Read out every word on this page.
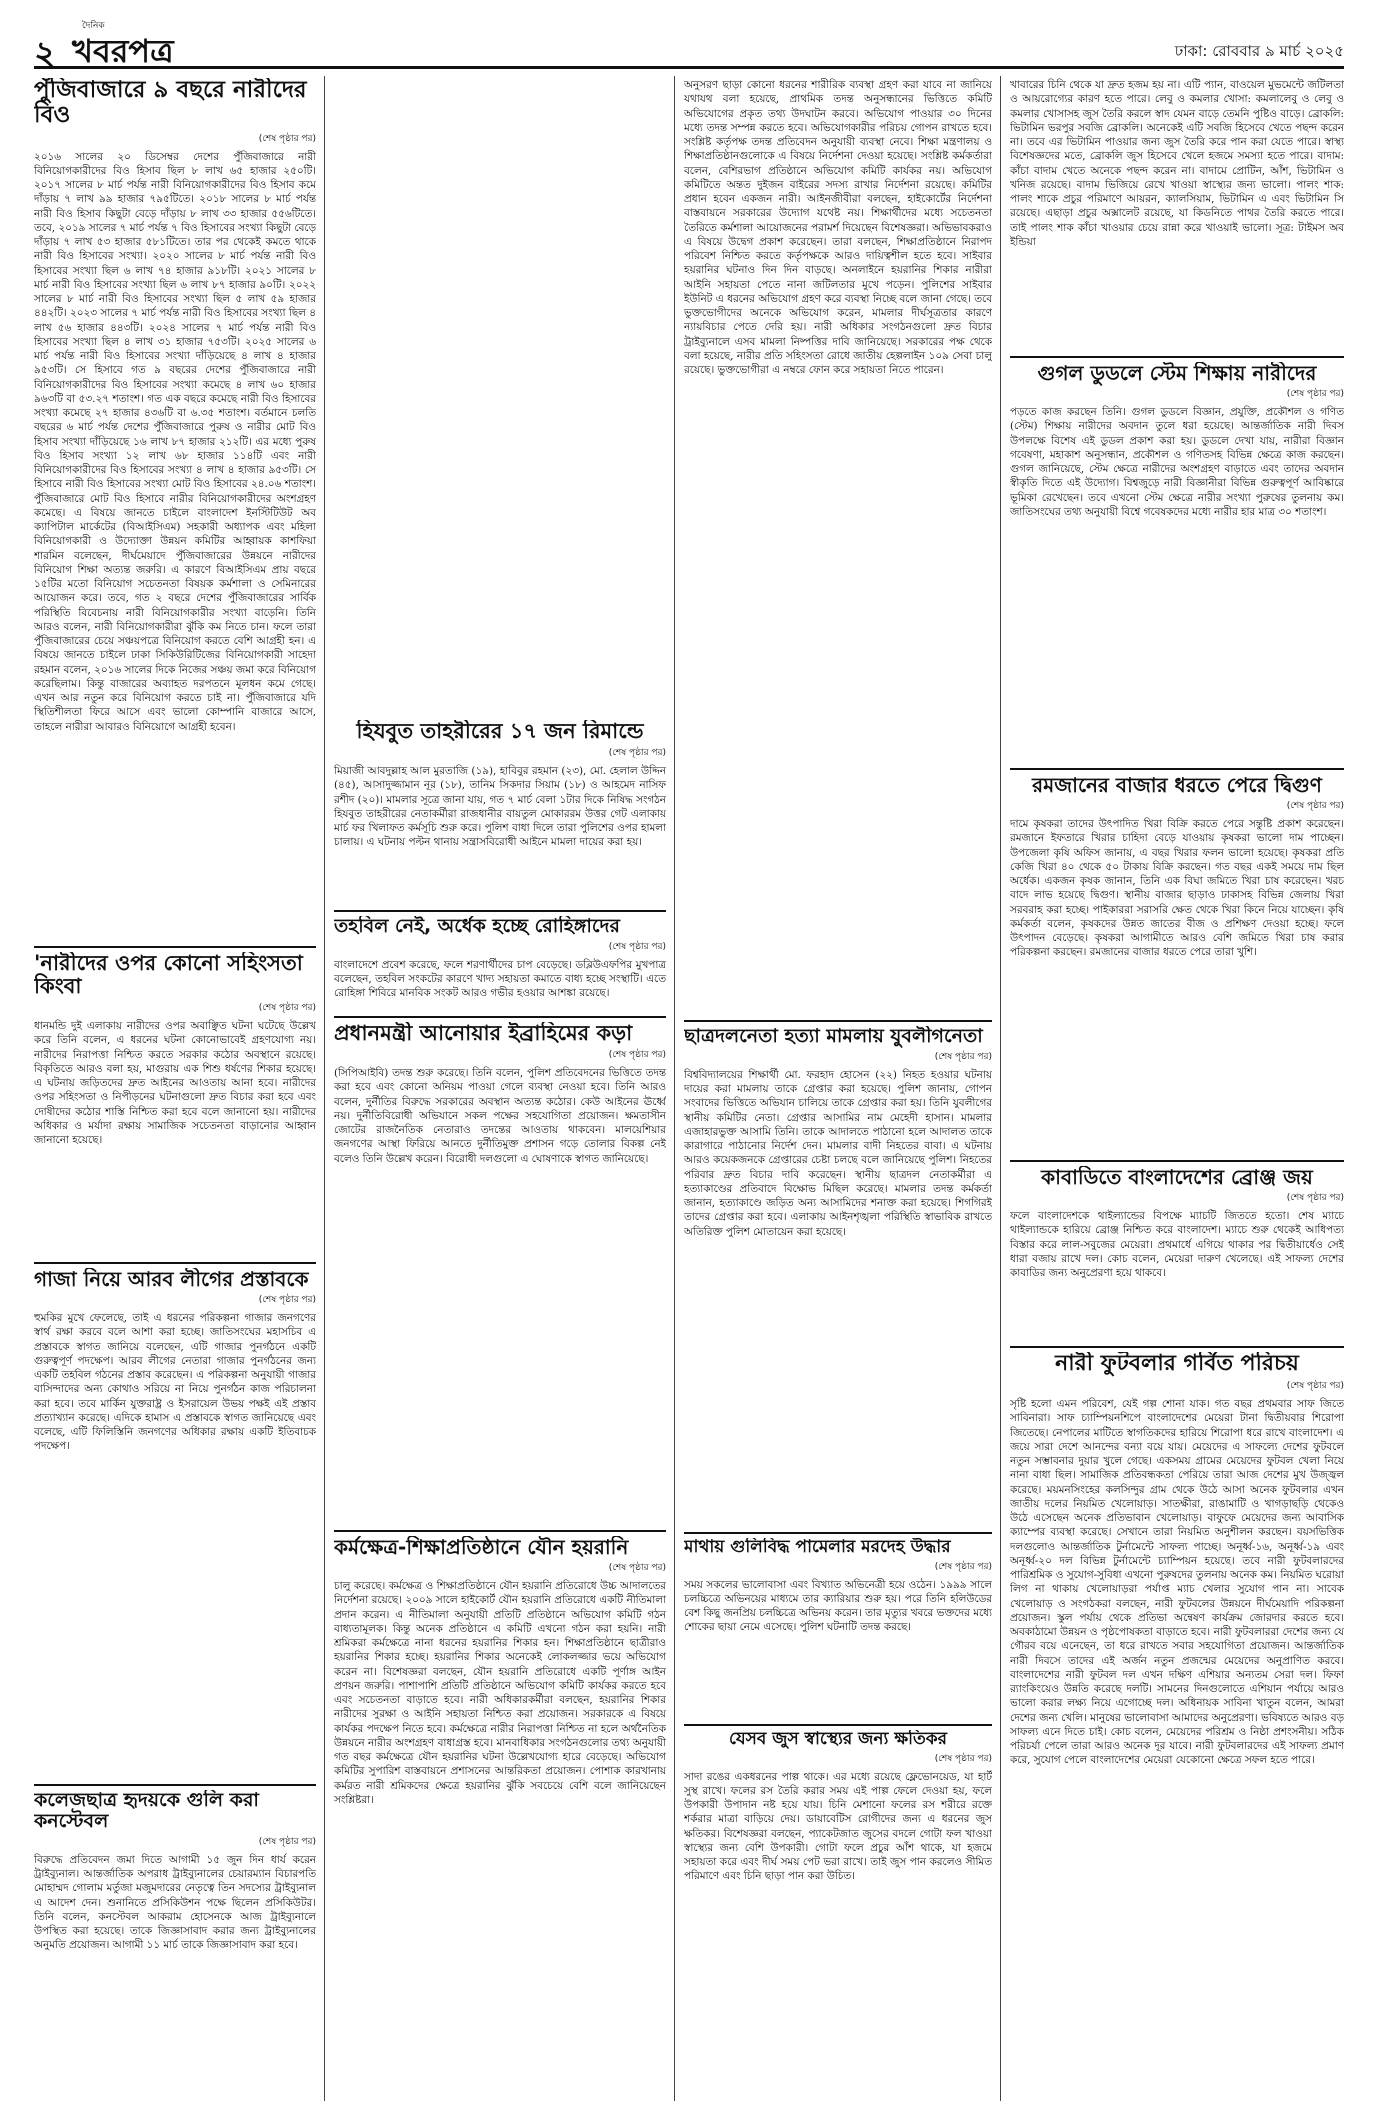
২
দৈনিক
খবরপত্র	ঢাকা: রোববার ৯ মার্চ ২০২৫
পুঁজিবাজারে ৯ বছরে নারীদের বিও
(শেষ পৃষ্ঠার পর)
২০১৬ সালের ২০ ডিসেম্বর দেশের পুঁজিবাজারে নারী বিনিয়োগকারীদের বিও হিসাব ছিল ৮ লাখ ৬৫ হাজার ২৫০টি। ২০১৭ সালের ৮ মার্চ পর্যন্ত নারী বিনিয়োগকারীদের বিও হিসাব কমে দাঁড়ায় ৭ লাখ ৯৯ হাজার ৭৯৫টিতে। ২০১৮ সালের ৮ মার্চ পর্যন্ত নারী বিও হিসাব কিছুটা বেড়ে দাঁড়ায় ৮ লাখ ৩৩ হাজার ৫৫৬টিতে। তবে, ২০১৯ সালের ৭ মার্চ পর্যন্ত ৭ বিও হিসাবের সংখ্যা কিছুটা বেড়ে দাঁড়ায় ৭ লাখ ৫৩ হাজার ৫৮১টিতে। তার পর থেকেই কমতে থাকে নারী বিও হিসাবের সংখ্যা। ২০২০ সালের ৮ মার্চ পর্যন্ত নারী বিও হিসাবের সংখ্যা ছিল ৬ লাখ ৭৪ হাজার ৯১৮টি। ২০২১ সালের ৮ মার্চ নারী বিও হিসাবের সংখ্যা ছিল ৬ লাখ ৮৭ হাজার ৯০টি। ২০২২ সালের ৮ মার্চ নারী বিও হিসাবের সংখ্যা ছিল ৫ লাখ ৫৯ হাজার ৪৪২টি। ২০২৩ সালের ৭ মার্চ পর্যন্ত নারী বিও হিসাবের সংখ্যা ছিল ৪ লাখ ৫৬ হাজার ৪৪৩টি। ২০২৪ সালের ৭ মার্চ পর্যন্ত নারী বিও হিসাবের সংখ্যা ছিল ৪ লাখ ৩১ হাজার ৭৫৩টি। ২০২৫ সালের ৬ মার্চ পর্যন্ত নারী বিও হিসাবের সংখ্যা দাঁড়িয়েছে ৪ লাখ ৪ হাজার ৯৫৩টি। সে হিসাবে গত ৯ বছরের দেশের পুঁজিবাজারে নারী বিনিয়োগকারীদের বিও হিসাবের সংখ্যা কমেছে ৪ লাখ ৬০ হাজার ৯৬৩টি বা ৫৩.২৭ শতাংশ। গত এক বছরে কমেছে নারী বিও হিসাবের সংখ্যা কমেছে ২৭ হাজার ৪৩৬টি বা ৬.৩৫ শতাংশ। বর্তমানে চলতি বছরের ৬ মার্চ পর্যন্ত দেশের পুঁজিবাজারে পুরুষ ও নারীর মোট বিও হিসাব সংখ্যা দাঁড়িয়েছে ১৬ লাখ ৮৭ হাজার ২১২টি। এর মধ্যে পুরুষ বিও হিসাব সংখ্যা ১২ লাখ ৬৮ হাজার ১১৪টি এবং নারী বিনিয়োগকারীদের বিও হিসাবের সংখ্যা ৪ লাখ ৪ হাজার ৯৫৩টি। সে হিসাবে নারী বিও হিসাবের সংখ্যা মোট বিও হিসাবের ২৪.০৬ শতাংশ। পুঁজিবাজারে মোট বিও হিসাবে নারীর বিনিয়োগকারীদের অংশগ্রহণ কমেছে। এ বিষয়ে জানতে চাইলে বাংলাদেশ ইনস্টিটিউট অব ক্যাপিটাল মার্কেটের (বিআইসিএম) সহকারী অধ্যাপক এবং মহিলা বিনিয়োগকারী ও উদ্যোক্তা উন্নয়ন কমিটির আহ্বায়ক কাশফিয়া শারমিন বলেছেন, দীর্ঘমেয়াদে পুঁজিবাজারের উন্নয়নে নারীদের বিনিয়োগ শিক্ষা অত্যন্ত জরুরি। এ কারণে বিআইসিএম প্রায় বছরে ১৫টির মতো বিনিয়োগ সচেতনতা বিষয়ক কর্মশালা ও সেমিনারের আয়োজন করে। তবে, গত ২ বছরে দেশের পুঁজিবাজারের সার্বিক পরিস্থিতি বিবেচনায় নারী বিনিয়োগকারীর সংখ্যা বাড়েনি। তিনি আরও বলেন, নারী বিনিয়োগকারীরা ঝুঁকি কম নিতে চান। ফলে তারা পুঁজিবাজারের চেয়ে সঞ্চয়পত্রে বিনিয়োগ করতে বেশি আগ্রহী হন। এ বিষয়ে জানতে চাইলে ঢাকা সিকিউরিটিজের বিনিয়োগকারী সাহেদা রহমান বলেন, ২০১৬ সালের দিকে নিজের সঞ্চয় জমা করে বিনিয়োগ করেছিলাম। কিন্তু বাজারের অব্যাহত দরপতনে মূলধন কমে গেছে। এখন আর নতুন করে বিনিয়োগ করতে চাই না। পুঁজিবাজারে যদি স্থিতিশীলতা ফিরে আসে এবং ভালো কোম্পানি বাজারে আসে, তাহলে নারীরা আবারও বিনিয়োগে আগ্রহী হবেন।
'নারীদের ওপর কোনো সহিংসতা কিংবা
(শেষ পৃষ্ঠার পর)
ধানমন্ডি দুই এলাকায় নারীদের ওপর অবাঞ্ছিত ঘটনা ঘটেছে উল্লেখ করে তিনি বলেন, এ ধরনের ঘটনা কোনোভাবেই গ্রহণযোগ্য নয়। নারীদের নিরাপত্তা নিশ্চিত করতে সরকার কঠোর অবস্থানে রয়েছে। বিকৃতিতে আরও বলা হয়, মাগুরায় এক শিশু ধর্ষণের শিকার হয়েছে। এ ঘটনায় জড়িতদের দ্রুত আইনের আওতায় আনা হবে। নারীদের ওপর সহিংসতা ও নিপীড়নের ঘটনাগুলো দ্রুত বিচার করা হবে এবং দোষীদের কঠোর শাস্তি নিশ্চিত করা হবে বলে জানানো হয়। নারীদের অধিকার ও মর্যাদা রক্ষায় সামাজিক সচেতনতা বাড়ানোর আহ্বান জানানো হয়েছে।
গাজা নিয়ে আরব লীগের প্রস্তাবকে
(শেষ পৃষ্ঠার পর)
হুমকির মুখে ফেলেছে, তাই এ ধরনের পরিকল্পনা গাজার জনগণের স্বার্থ রক্ষা করবে বলে আশা করা হচ্ছে। জাতিসংঘের মহাসচিব এ প্রস্তাবকে স্বাগত জানিয়ে বলেছেন, এটি গাজার পুনর্গঠনে একটি গুরুত্বপূর্ণ পদক্ষেপ। আরব লীগের নেতারা গাজার পুনর্গঠনের জন্য একটি তহবিল গঠনের প্রস্তাব করেছেন। এ পরিকল্পনা অনুযায়ী গাজার বাসিন্দাদের অন্য কোথাও সরিয়ে না নিয়ে পুনর্গঠন কাজ পরিচালনা করা হবে। তবে মার্কিন যুক্তরাষ্ট্র ও ইসরায়েল উভয় পক্ষই এই প্রস্তাব প্রত্যাখ্যান করেছে। এদিকে হামাস এ প্রস্তাবকে স্বাগত জানিয়েছে এবং বলেছে, এটি ফিলিস্তিনি জনগণের অধিকার রক্ষায় একটি ইতিবাচক পদক্ষেপ।
কলেজছাত্র হৃদয়কে গুলি করা কনস্টেবল
(শেষ পৃষ্ঠার পর)
বিরুদ্ধে প্রতিবেদন জমা দিতে আগামী ১৫ জুন দিন ধার্য করেন ট্রাইব্যুনাল। আন্তর্জাতিক অপরাধ ট্রাইব্যুনালের চেয়ারম্যান বিচারপতি মোহাম্মদ গোলাম মর্তুজা মজুমদারের নেতৃত্বে তিন সদস্যের ট্রাইব্যুনাল এ আদেশ দেন। শুনানিতে প্রসিকিউশন পক্ষে ছিলেন প্রসিকিউটর। তিনি বলেন, কনস্টেবল আকরাম হোসেনকে আজ ট্রাইব্যুনালে উপস্থিত করা হয়েছে। তাকে জিজ্ঞাসাবাদ করার জন্য ট্রাইব্যুনালের অনুমতি প্রয়োজন। আগামী ১১ মার্চ তাকে জিজ্ঞাসাবাদ করা হবে।
হিযবুত তাহরীরের ১৭ জন রিমান্ডে
(শেষ পৃষ্ঠার পর)
মিয়াজী আবদুল্লাহ আল মুরতাজি (১৯), হাবিবুর রহমান (২৩), মো. হেলাল উদ্দিন (৪৫), আসাদুজ্জামান নূর (১৮), তানিম সিকদার সিয়াম (১৮) ও আহমেদ নাসিফ রশীদ (২০)। মামলার সূত্রে জানা যায়, গত ৭ মার্চ বেলা ১টার দিকে নিষিদ্ধ সংগঠন হিযবুত তাহরীরের নেতাকর্মীরা রাজধানীর বায়তুল মোকাররম উত্তর গেট এলাকায় মার্চ ফর খিলাফত কর্মসূচি শুরু করে। পুলিশ বাধা দিলে তারা পুলিশের ওপর হামলা চালায়। এ ঘটনায় পল্টন থানায় সন্ত্রাসবিরোধী আইনে মামলা দায়ের করা হয়।
তহবিল নেই, অর্ধেক হচ্ছে রোহিঙ্গাদের
(শেষ পৃষ্ঠার পর)
বাংলাদেশে প্রবেশ করেছে, ফলে শরণার্থীদের চাপ বেড়েছে। ডব্লিউএফপির মুখপাত্র বলেছেন, তহবিল সংকটের কারণে খাদ্য সহায়তা কমাতে বাধ্য হচ্ছে সংস্থাটি। এতে রোহিঙ্গা শিবিরে মানবিক সংকট আরও গভীর হওয়ার আশঙ্কা রয়েছে।
প্রধানমন্ত্রী আনোয়ার ইব্রাহিমের কড়া
(শেষ পৃষ্ঠার পর)
(সিপিআইবি) তদন্ত শুরু করেছে। তিনি বলেন, পুলিশ প্রতিবেদনের ভিত্তিতে তদন্ত করা হবে এবং কোনো অনিয়ম পাওয়া গেলে ব্যবস্থা নেওয়া হবে। তিনি আরও বলেন, দুর্নীতির বিরুদ্ধে সরকারের অবস্থান অত্যন্ত কঠোর। কেউ আইনের ঊর্ধ্বে নয়। দুর্নীতিবিরোধী অভিযানে সকল পক্ষের সহযোগিতা প্রয়োজন। ক্ষমতাসীন জোটের রাজনৈতিক নেতারাও তদন্তের আওতায় থাকবেন। মালয়েশিয়ার জনগণের আস্থা ফিরিয়ে আনতে দুর্নীতিমুক্ত প্রশাসন গড়ে তোলার বিকল্প নেই বলেও তিনি উল্লেখ করেন। বিরোধী দলগুলো এ ঘোষণাকে স্বাগত জানিয়েছে।
কর্মক্ষেত্র-শিক্ষাপ্রতিষ্ঠানে যৌন হয়রানি
(শেষ পৃষ্ঠার পর)
চালু করেছে। কর্মক্ষেত্র ও শিক্ষাপ্রতিষ্ঠানে যৌন হয়রানি প্রতিরোধে উচ্চ আদালতের নির্দেশনা রয়েছে। ২০০৯ সালে হাইকোর্ট যৌন হয়রানি প্রতিরোধে একটি নীতিমালা প্রদান করেন। এ নীতিমালা অনুযায়ী প্রতিটি প্রতিষ্ঠানে অভিযোগ কমিটি গঠন বাধ্যতামূলক। কিন্তু অনেক প্রতিষ্ঠানে এ কমিটি এখনো গঠন করা হয়নি। নারী শ্রমিকরা কর্মক্ষেত্রে নানা ধরনের হয়রানির শিকার হন। শিক্ষাপ্রতিষ্ঠানে ছাত্রীরাও হয়রানির শিকার হচ্ছে। হয়রানির শিকার অনেকেই লোকলজ্জার ভয়ে অভিযোগ করেন না। বিশেষজ্ঞরা বলছেন, যৌন হয়রানি প্রতিরোধে একটি পূর্ণাঙ্গ আইন প্রণয়ন জরুরি। পাশাপাশি প্রতিটি প্রতিষ্ঠানে অভিযোগ কমিটি কার্যকর করতে হবে এবং সচেতনতা বাড়াতে হবে। নারী অধিকারকর্মীরা বলছেন, হয়রানির শিকার নারীদের সুরক্ষা ও আইনি সহায়তা নিশ্চিত করা প্রয়োজন। সরকারকে এ বিষয়ে কার্যকর পদক্ষেপ নিতে হবে। কর্মক্ষেত্রে নারীর নিরাপত্তা নিশ্চিত না হলে অর্থনৈতিক উন্নয়নে নারীর অংশগ্রহণ বাধাগ্রস্ত হবে। মানবাধিকার সংগঠনগুলোর তথ্য অনুযায়ী গত বছর কর্মক্ষেত্রে যৌন হয়রানির ঘটনা উল্লেখযোগ্য হারে বেড়েছে। অভিযোগ কমিটির সুপারিশ বাস্তবায়নে প্রশাসনের আন্তরিকতা প্রয়োজন। পোশাক কারখানায় কর্মরত নারী শ্রমিকদের ক্ষেত্রে হয়রানির ঝুঁকি সবচেয়ে বেশি বলে জানিয়েছেন সংশ্লিষ্টরা।
অনুসরণ ছাড়া কোনো ধরনের শারীরিক ব্যবস্থা গ্রহণ করা যাবে না জানিয়ে যথাযথ বলা হয়েছে, প্রাথমিক তদন্ত অনুসন্ধানের ভিত্তিতে কমিটি অভিযোগের প্রকৃত তথ্য উদঘাটন করবে। অভিযোগ পাওয়ার ৩০ দিনের মধ্যে তদন্ত সম্পন্ন করতে হবে। অভিযোগকারীর পরিচয় গোপন রাখতে হবে। সংশ্লিষ্ট কর্তৃপক্ষ তদন্ত প্রতিবেদন অনুযায়ী ব্যবস্থা নেবে। শিক্ষা মন্ত্রণালয় ও শিক্ষাপ্রতিষ্ঠানগুলোকে এ বিষয়ে নির্দেশনা দেওয়া হয়েছে। সংশ্লিষ্ট কর্মকর্তারা বলেন, বেশিরভাগ প্রতিষ্ঠানে অভিযোগ কমিটি কার্যকর নয়। অভিযোগ কমিটিতে অন্তত দুইজন বাইরের সদস্য রাখার নির্দেশনা রয়েছে। কমিটির প্রধান হবেন একজন নারী। আইনজীবীরা বলছেন, হাইকোর্টের নির্দেশনা বাস্তবায়নে সরকারের উদ্যোগ যথেষ্ট নয়। শিক্ষার্থীদের মধ্যে সচেতনতা তৈরিতে কর্মশালা আয়োজনের পরামর্শ দিয়েছেন বিশেষজ্ঞরা। অভিভাবকরাও এ বিষয়ে উদ্বেগ প্রকাশ করেছেন। তারা বলছেন, শিক্ষাপ্রতিষ্ঠানে নিরাপদ পরিবেশ নিশ্চিত করতে কর্তৃপক্ষকে আরও দায়িত্বশীল হতে হবে। সাইবার হয়রানির ঘটনাও দিন দিন বাড়ছে। অনলাইনে হয়রানির শিকার নারীরা আইনি সহায়তা পেতে নানা জটিলতার মুখে পড়েন। পুলিশের সাইবার ইউনিট এ ধরনের অভিযোগ গ্রহণ করে ব্যবস্থা নিচ্ছে বলে জানা গেছে। তবে ভুক্তভোগীদের অনেকে অভিযোগ করেন, মামলার দীর্ঘসূত্রতার কারণে ন্যায়বিচার পেতে দেরি হয়। নারী অধিকার সংগঠনগুলো দ্রুত বিচার ট্রাইব্যুনালে এসব মামলা নিষ্পত্তির দাবি জানিয়েছে। সরকারের পক্ষ থেকে বলা হয়েছে, নারীর প্রতি সহিংসতা রোধে জাতীয় হেল্পলাইন ১০৯ সেবা চালু রয়েছে। ভুক্তভোগীরা এ নম্বরে ফোন করে সহায়তা নিতে পারেন।
ছাত্রদলনেতা হত্যা মামলায় যুবলীগনেতা
(শেষ পৃষ্ঠার পর)
বিশ্ববিদ্যালয়ের শিক্ষার্থী মো. ফরহাদ হোসেন (২২) নিহত হওয়ার ঘটনায় দায়ের করা মামলায় তাকে গ্রেপ্তার করা হয়েছে। পুলিশ জানায়, গোপন সংবাদের ভিত্তিতে অভিযান চালিয়ে তাকে গ্রেপ্তার করা হয়। তিনি যুবলীগের স্থানীয় কমিটির নেতা। গ্রেপ্তার আসামির নাম মেহেদী হাসান। মামলার এজাহারভুক্ত আসামি তিনি। তাকে আদালতে পাঠানো হলে আদালত তাকে কারাগারে পাঠানোর নির্দেশ দেন। মামলার বাদী নিহতের বাবা। এ ঘটনায় আরও কয়েকজনকে গ্রেপ্তারের চেষ্টা চলছে বলে জানিয়েছে পুলিশ। নিহতের পরিবার দ্রুত বিচার দাবি করেছেন। স্থানীয় ছাত্রদল নেতাকর্মীরা এ হত্যাকাণ্ডের প্রতিবাদে বিক্ষোভ মিছিল করেছে। মামলার তদন্ত কর্মকর্তা জানান, হত্যাকাণ্ডে জড়িত অন্য আসামিদের শনাক্ত করা হয়েছে। শিগগিরই তাদের গ্রেপ্তার করা হবে। এলাকায় আইনশৃঙ্খলা পরিস্থিতি স্বাভাবিক রাখতে অতিরিক্ত পুলিশ মোতায়েন করা হয়েছে।
মাথায় গুলিবিদ্ধ পামেলার মরদেহ উদ্ধার
(শেষ পৃষ্ঠার পর)
সময় সকলের ভালোবাসা এবং বিখ্যাত অভিনেত্রী হয়ে ওঠেন। ১৯৯৯ সালে চলচ্চিত্রে অভিনয়ের মাধ্যমে তার ক্যারিয়ার শুরু হয়। পরে তিনি হলিউডের বেশ কিছু জনপ্রিয় চলচ্চিত্রে অভিনয় করেন। তার মৃত্যুর খবরে ভক্তদের মধ্যে শোকের ছায়া নেমে এসেছে। পুলিশ ঘটনাটি তদন্ত করছে।
যেসব জুস স্বাস্থ্যের জন্য ক্ষতিকর
(শেষ পৃষ্ঠার পর)
সাদা রঙের একধরনের পাল্প থাকে। এর মধ্যে রয়েছে ফ্লেভোনয়েড, যা হার্ট সুস্থ রাখে। ফলের রস তৈরি করার সময় এই পাল্প ফেলে দেওয়া হয়, ফলে উপকারী উপাদান নষ্ট হয়ে যায়। চিনি মেশানো ফলের রস শরীরে রক্তে শর্করার মাত্রা বাড়িয়ে দেয়। ডায়াবেটিস রোগীদের জন্য এ ধরনের জুস ক্ষতিকর। বিশেষজ্ঞরা বলছেন, প্যাকেটজাত জুসের বদলে গোটা ফল খাওয়া স্বাস্থ্যের জন্য বেশি উপকারী। গোটা ফলে প্রচুর আঁশ থাকে, যা হজমে সহায়তা করে এবং দীর্ঘ সময় পেট ভরা রাখে। তাই জুস পান করলেও সীমিত পরিমাণে এবং চিনি ছাড়া পান করা উচিত।
খাবারের চিনি থেকে যা দ্রুত হজম হয় না। এটি প্যান, বাওয়েল মুভমেন্টে জটিলতা ও আয়রোগ্যের কারণ হতে পারে। লেবু ও কমলার খোসা: কমলালেবু ও লেবু ও কমলার খোসাসহ জুস তৈরি করলে স্বাদ যেমন বাড়ে তেমনি পুষ্টিও বাড়ে। ব্রোকলি: ভিটামিন ভরপুর সবজি ব্রোকলি। অনেকেই এটি সবজি হিসেবে খেতে পছন্দ করেন না। তবে এর ভিটামিন পাওয়ার জন্য জুস তৈরি করে পান করা যেতে পারে। স্বাস্থ্য বিশেষজ্ঞদের মতে, ব্রোকলি জুস হিসেবে খেলে হজমে সমস্যা হতে পারে। বাদাম: কাঁচা বাদাম খেতে অনেকে পছন্দ করেন না। বাদামে প্রোটিন, আঁশ, ভিটামিন ও খনিজ রয়েছে। বাদাম ভিজিয়ে রেখে খাওয়া স্বাস্থ্যের জন্য ভালো। পালং শাক: পালং শাকে প্রচুর পরিমাণে আয়রন, ক্যালসিয়াম, ভিটামিন এ এবং ভিটামিন সি রয়েছে। এছাড়া প্রচুর অক্সালেট রয়েছে, যা কিডনিতে পাথর তৈরি করতে পারে। তাই পালং শাক কাঁচা খাওয়ার চেয়ে রান্না করে খাওয়াই ভালো। সূত্র: টাইমস অব ইন্ডিয়া
গুগল ডুডলে স্টেম শিক্ষায় নারীদের
(শেষ পৃষ্ঠার পর)
পড়তে কাজ করছেন তিনি। গুগল ডুডলে বিজ্ঞান, প্রযুক্তি, প্রকৌশল ও গণিত (স্টেম) শিক্ষায় নারীদের অবদান তুলে ধরা হয়েছে। আন্তর্জাতিক নারী দিবস উপলক্ষে বিশেষ এই ডুডল প্রকাশ করা হয়। ডুডলে দেখা যায়, নারীরা বিজ্ঞান গবেষণা, মহাকাশ অনুসন্ধান, প্রকৌশল ও গণিতসহ বিভিন্ন ক্ষেত্রে কাজ করছেন। গুগল জানিয়েছে, স্টেম ক্ষেত্রে নারীদের অংশগ্রহণ বাড়াতে এবং তাদের অবদান স্বীকৃতি দিতে এই উদ্যোগ। বিশ্বজুড়ে নারী বিজ্ঞানীরা বিভিন্ন গুরুত্বপূর্ণ আবিষ্কারে ভূমিকা রেখেছেন। তবে এখনো স্টেম ক্ষেত্রে নারীর সংখ্যা পুরুষের তুলনায় কম। জাতিসংঘের তথ্য অনুযায়ী বিশ্বে গবেষকদের মধ্যে নারীর হার মাত্র ৩০ শতাংশ।
রমজানের বাজার ধরতে পেরে দ্বিগুণ
(শেষ পৃষ্ঠার পর)
দামে কৃষকরা তাদের উৎপাদিত খিরা বিক্রি করতে পেরে সন্তুষ্টি প্রকাশ করেছেন। রমজানে ইফতারে খিরার চাহিদা বেড়ে যাওয়ায় কৃষকরা ভালো দাম পাচ্ছেন। উপজেলা কৃষি অফিস জানায়, এ বছর খিরার ফলন ভালো হয়েছে। কৃষকরা প্রতি কেজি খিরা ৪০ থেকে ৫০ টাকায় বিক্রি করছেন। গত বছর একই সময়ে দাম ছিল অর্ধেক। একজন কৃষক জানান, তিনি এক বিঘা জমিতে খিরা চাষ করেছেন। খরচ বাদে লাভ হয়েছে দ্বিগুণ। স্থানীয় বাজার ছাড়াও ঢাকাসহ বিভিন্ন জেলায় খিরা সরবরাহ করা হচ্ছে। পাইকাররা সরাসরি ক্ষেত থেকে খিরা কিনে নিয়ে যাচ্ছেন। কৃষি কর্মকর্তা বলেন, কৃষকদের উন্নত জাতের বীজ ও প্রশিক্ষণ দেওয়া হচ্ছে। ফলে উৎপাদন বেড়েছে। কৃষকরা আগামীতে আরও বেশি জমিতে খিরা চাষ করার পরিকল্পনা করছেন। রমজানের বাজার ধরতে পেরে তারা খুশি।
কাবাডিতে বাংলাদেশের ব্রোঞ্জ জয়
(শেষ পৃষ্ঠার পর)
ফলে বাংলাদেশকে থাইল্যান্ডের বিপক্ষে ম্যাচটি জিততে হতো। শেষ ম্যাচে থাইল্যান্ডকে হারিয়ে ব্রোঞ্জ নিশ্চিত করে বাংলাদেশ। ম্যাচে শুরু থেকেই আধিপত্য বিস্তার করে লাল-সবুজের মেয়েরা। প্রথমার্ধে এগিয়ে থাকার পর দ্বিতীয়ার্ধেও সেই ধারা বজায় রাখে দল। কোচ বলেন, মেয়েরা দারুণ খেলেছে। এই সাফল্য দেশের কাবাডির জন্য অনুপ্রেরণা হয়ে থাকবে।
নারী ফুটবলার গর্বিত পরিচয়
(শেষ পৃষ্ঠার পর)
সৃষ্টি হলো এমন পরিবেশ, যেই গল্প শোনা যাক। গত বছর প্রথমবার সাফ জিতে সাবিনারা। সাফ চ্যাম্পিয়নশিপে বাংলাদেশের মেয়েরা টানা দ্বিতীয়বার শিরোপা জিতেছে। নেপালের মাটিতে স্বাগতিকদের হারিয়ে শিরোপা ধরে রাখে বাংলাদেশ। এ জয়ে সারা দেশে আনন্দের বন্যা বয়ে যায়। মেয়েদের এ সাফল্যে দেশের ফুটবলে নতুন সম্ভাবনার দুয়ার খুলে গেছে। একসময় গ্রামের মেয়েদের ফুটবল খেলা নিয়ে নানা বাধা ছিল। সামাজিক প্রতিবন্ধকতা পেরিয়ে তারা আজ দেশের মুখ উজ্জ্বল করেছে। ময়মনসিংহের কলসিন্দুর গ্রাম থেকে উঠে আসা অনেক ফুটবলার এখন জাতীয় দলের নিয়মিত খেলোয়াড়। সাতক্ষীরা, রাঙামাটি ও খাগড়াছড়ি থেকেও উঠে এসেছেন অনেক প্রতিভাবান খেলোয়াড়। বাফুফে মেয়েদের জন্য আবাসিক ক্যাম্পের ব্যবস্থা করেছে। সেখানে তারা নিয়মিত অনুশীলন করছেন। বয়সভিত্তিক দলগুলোও আন্তর্জাতিক টুর্নামেন্টে সাফল্য পাচ্ছে। অনূর্ধ্ব-১৬, অনূর্ধ্ব-১৯ এবং অনূর্ধ্ব-২০ দল বিভিন্ন টুর্নামেন্টে চ্যাম্পিয়ন হয়েছে। তবে নারী ফুটবলারদের পারিশ্রমিক ও সুযোগ-সুবিধা এখনো পুরুষদের তুলনায় অনেক কম। নিয়মিত ঘরোয়া লিগ না থাকায় খেলোয়াড়রা পর্যাপ্ত ম্যাচ খেলার সুযোগ পান না। সাবেক খেলোয়াড় ও সংগঠকরা বলছেন, নারী ফুটবলের উন্নয়নে দীর্ঘমেয়াদি পরিকল্পনা প্রয়োজন। স্কুল পর্যায় থেকে প্রতিভা অন্বেষণ কার্যক্রম জোরদার করতে হবে। অবকাঠামো উন্নয়ন ও পৃষ্ঠপোষকতা বাড়াতে হবে। নারী ফুটবলাররা দেশের জন্য যে গৌরব বয়ে এনেছেন, তা ধরে রাখতে সবার সহযোগিতা প্রয়োজন। আন্তর্জাতিক নারী দিবসে তাদের এই অর্জন নতুন প্রজন্মের মেয়েদের অনুপ্রাণিত করবে। বাংলাদেশের নারী ফুটবল দল এখন দক্ষিণ এশিয়ার অন্যতম সেরা দল। ফিফা র‌্যাংকিংয়েও উন্নতি করেছে দলটি। সামনের দিনগুলোতে এশিয়ান পর্যায়ে আরও ভালো করার লক্ষ্য নিয়ে এগোচ্ছে দল। অধিনায়ক সাবিনা খাতুন বলেন, আমরা দেশের জন্য খেলি। মানুষের ভালোবাসা আমাদের অনুপ্রেরণা। ভবিষ্যতে আরও বড় সাফল্য এনে দিতে চাই। কোচ বলেন, মেয়েদের পরিশ্রম ও নিষ্ঠা প্রশংসনীয়। সঠিক পরিচর্যা পেলে তারা আরও অনেক দূর যাবে। নারী ফুটবলারদের এই সাফল্য প্রমাণ করে, সুযোগ পেলে বাংলাদেশের মেয়েরা যেকোনো ক্ষেত্রে সফল হতে পারে।
